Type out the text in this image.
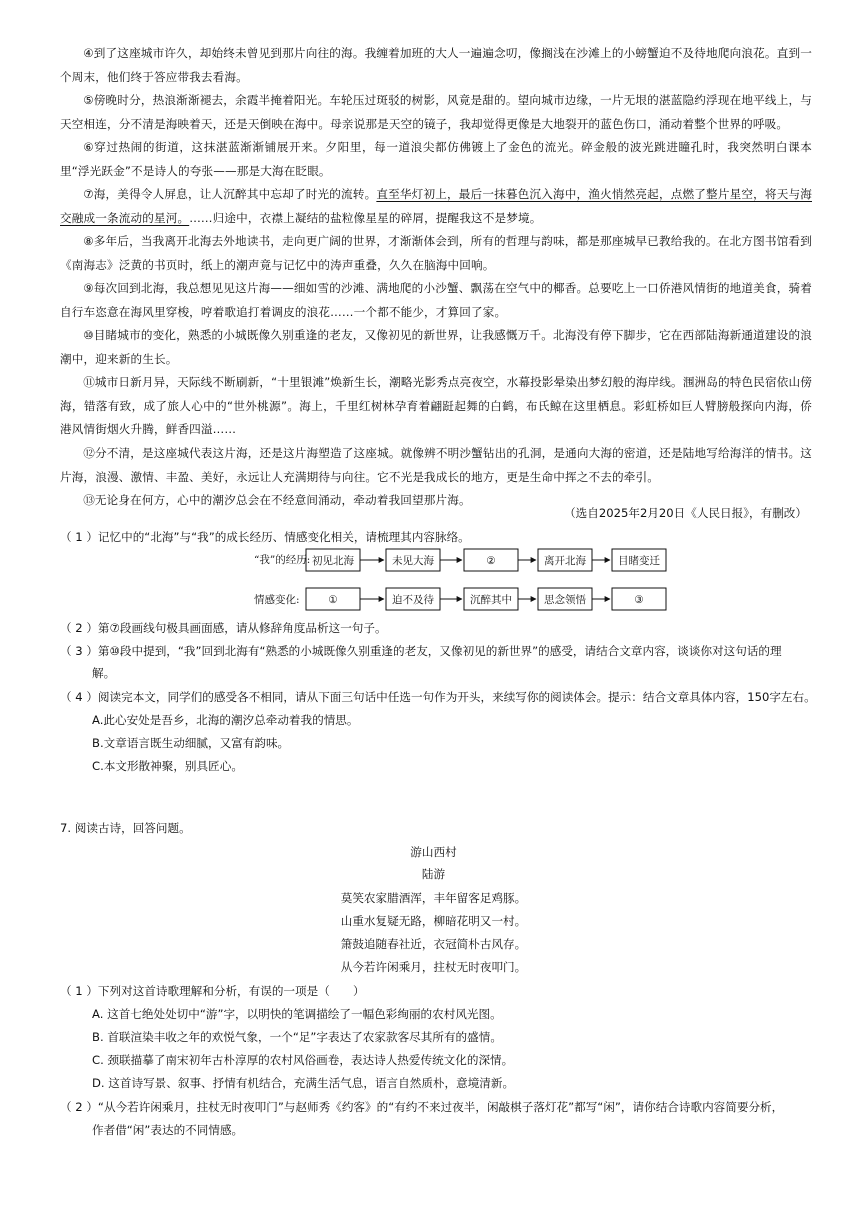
④到了这座城市许久，却始终未曾见到那片向往的海。我缠着加班的大人一遍遍念叨，像搁浅在沙滩上的小螃蟹迫不及待地爬向浪花。直到一个周末，他们终于答应带我去看海。
⑤傍晚时分，热浪渐渐褪去，余霞半掩着阳光。车轮压过斑驳的树影，风竟是甜的。望向城市边缘，一片无垠的湛蓝隐约浮现在地平线上，与天空相连，分不清是海映着天，还是天倒映在海中。母亲说那是天空的镜子，我却觉得更像是大地裂开的蓝色伤口，涌动着整个世界的呼吸。
⑥穿过热闹的街道，这抹湛蓝渐渐铺展开来。夕阳里，每一道浪尖都仿佛镀上了金色的流光。碎金般的波光跳进瞳孔时，我突然明白课本里“浮光跃金”不是诗人的夸张——那是大海在眨眼。
⑦海，美得令人屏息，让人沉醉其中忘却了时光的流转。直至华灯初上，最后一抹暮色沉入海中，渔火悄然亮起，点燃了整片星空，将天与海交融成一条流动的星河。……归途中，衣襟上凝结的盐粒像星星的碎屑，提醒我这不是梦境。
⑧多年后，当我离开北海去外地读书，走向更广阔的世界，才渐渐体会到，所有的哲理与韵味，都是那座城早已教给我的。在北方图书馆看到《南海志》泛黄的书页时，纸上的潮声竟与记忆中的涛声重叠，久久在脑海中回响。
⑨每次回到北海，我总想见见这片海——细如雪的沙滩、满地爬的小沙蟹、飘荡在空气中的椰香。总要吃上一口侨港风情街的地道美食，骑着自行车恣意在海风里穿梭，哼着歌追打着调皮的浪花……一个都不能少，才算回了家。
⑩目睹城市的变化，熟悉的小城既像久别重逢的老友，又像初见的新世界，让我感慨万千。北海没有停下脚步，它在西部陆海新通道建设的浪潮中，迎来新的生长。
⑪城市日新月异，天际线不断刷新，“十里银滩”焕新生长，潮略光影秀点亮夜空，水幕投影晕染出梦幻般的海岸线。涠洲岛的特色民宿依山傍海，错落有致，成了旅人心中的“世外桃源”。海上，千里红树林孕育着翩跹起舞的白鹤，布氏鲸在这里栖息。彩虹桥如巨人臂膀般探向内海，侨港风情街烟火升腾，鲜香四溢……
⑫分不清，是这座城代表这片海，还是这片海塑造了这座城。就像辨不明沙蟹钻出的孔洞，是通向大海的密道，还是陆地写给海洋的情书。这片海，浪漫、激情、丰盈、美好，永远让人充满期待与向往。它不光是我成长的地方，更是生命中挥之不去的牵引。
⑬无论身在何方，心中的潮汐总会在不经意间涌动，牵动着我回望那片海。
（选自2025年2月20日《人民日报》，有删改）
（ 1 ）记忆中的“北海”与“我”的成长经历、情感变化相关，请梳理其内容脉络。
“我”的经历:
情感变化:
初见北海	未见大海	②	离开北海	目睹变迁
①	迫不及待	沉醉其中	思念领悟	③
（ 2 ）第⑦段画线句极具画面感，请从修辞角度品析这一句子。
（ 3 ）第⑩段中提到，“我”回到北海有“熟悉的小城既像久别重逢的老友，又像初见的新世界”的感受，请结合文章内容，谈谈你对这句话的理
解。
（ 4 ）阅读完本文，同学们的感受各不相同，请从下面三句话中任选一句作为开头，来续写你的阅读体会。提示：结合文章具体内容，150字左右。
A.此心安处是吾乡，北海的潮汐总牵动着我的情思。
B.文章语言既生动细腻，又富有韵味。
C.本文形散神聚，别具匠心。
7. 阅读古诗，回答问题。
游山西村
陆游
莫笑农家腊酒浑，丰年留客足鸡豚。
山重水复疑无路，柳暗花明又一村。
箫鼓追随春社近，衣冠简朴古风存。
从今若许闲乘月，拄杖无时夜叩门。
（ 1 ）下列对这首诗歌理解和分析，有误的一项是（　　）
A. 这首七绝处处切中“游”字，以明快的笔调描绘了一幅色彩绚丽的农村风光图。
B. 首联渲染丰收之年的欢悦气象，一个“足”字表达了农家款客尽其所有的盛情。
C. 颈联描摹了南宋初年古朴淳厚的农村风俗画卷，表达诗人热爱传统文化的深情。
D. 这首诗写景、叙事、抒情有机结合，充满生活气息，语言自然质朴，意境清新。
（ 2 ）“从今若许闲乘月，拄杖无时夜叩门”与赵师秀《约客》的“有约不来过夜半，闲敲棋子落灯花”都写“闲”，请你结合诗歌内容简要分析，
作者借“闲”表达的不同情感。
